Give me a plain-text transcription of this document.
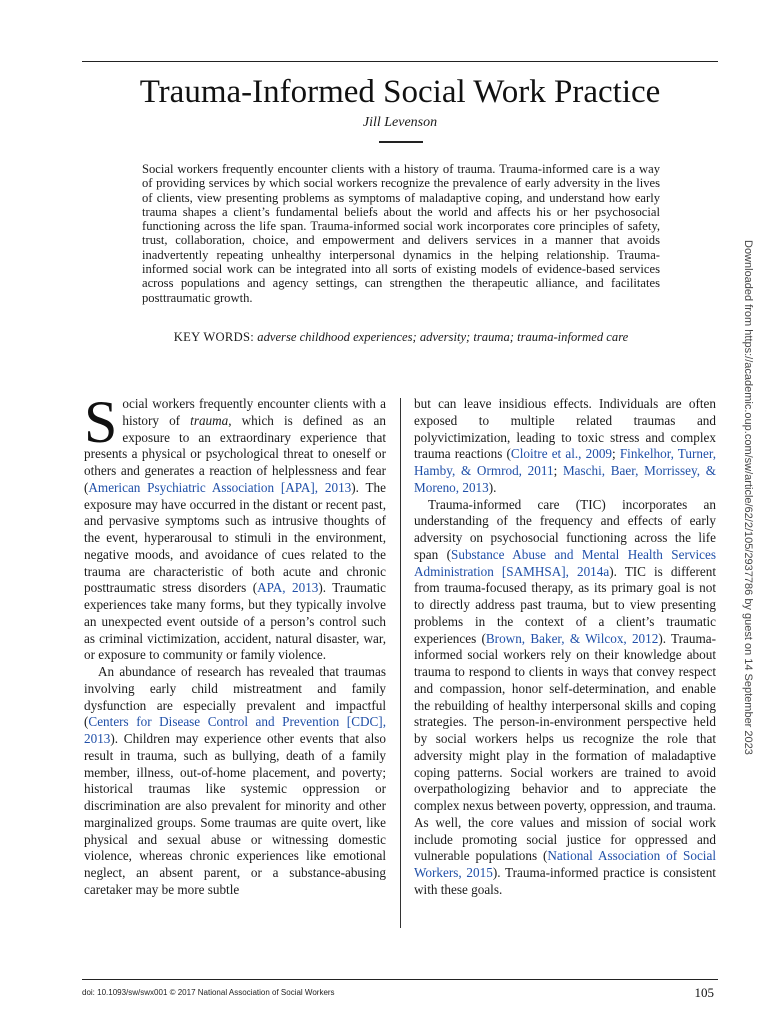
Trauma-Informed Social Work Practice
Jill Levenson

Social workers frequently encounter clients with a history of trauma. Trauma-informed care is a way of providing services by which social workers recognize the prevalence of early adversity in the lives of clients, view presenting problems as symptoms of maladaptive coping, and understand how early trauma shapes a client’s fundamental beliefs about the world and affects his or her psychosocial functioning across the life span. Trauma-informed social work incorporates core principles of safety, trust, collaboration, choice, and empowerment and delivers services in a manner that avoids inadvertently repeating unhealthy interpersonal dynamics in the helping relationship. Trauma-informed social work can be integrated into all sorts of existing models of evidence-based services across populations and agency settings, can strengthen the therapeutic alliance, and facilitates posttraumatic growth.

KEY WORDS: adverse childhood experiences; adversity; trauma; trauma-informed care

Social workers frequently encounter clients with a history of trauma, which is defined as an exposure to an extraordinary experience that presents a physical or psychological threat to oneself or others and generates a reaction of helplessness and fear (American Psychiatric Association [APA], 2013). The exposure may have occurred in the distant or recent past, and pervasive symptoms such as intrusive thoughts of the event, hyperarousal to stimuli in the environment, negative moods, and avoidance of cues related to the trauma are characteristic of both acute and chronic posttraumatic stress disorders (APA, 2013). Traumatic experiences take many forms, but they typically involve an unexpected event outside of a person’s control such as criminal victimization, accident, natural disaster, war, or exposure to community or family violence.

An abundance of research has revealed that traumas involving early child mistreatment and family dysfunction are especially prevalent and impactful (Centers for Disease Control and Prevention [CDC], 2013). Children may experience other events that also result in trauma, such as bullying, death of a family member, illness, out-of-home placement, and poverty; historical traumas like systemic oppression or discrimination are also prevalent for minority and other marginalized groups. Some traumas are quite overt, like physical and sexual abuse or witnessing domestic violence, whereas chronic experiences like emotional neglect, an absent parent, or a substance-abusing caretaker may be more subtle

but can leave insidious effects. Individuals are often exposed to multiple related traumas and polyvictimization, leading to toxic stress and complex trauma reactions (Cloitre et al., 2009; Finkelhor, Turner, Hamby, & Ormrod, 2011; Maschi, Baer, Morrissey, & Moreno, 2013).

Trauma-informed care (TIC) incorporates an understanding of the frequency and effects of early adversity on psychosocial functioning across the life span (Substance Abuse and Mental Health Services Administration [SAMHSA], 2014a). TIC is different from trauma-focused therapy, as its primary goal is not to directly address past trauma, but to view presenting problems in the context of a client’s traumatic experiences (Brown, Baker, & Wilcox, 2012). Trauma-informed social workers rely on their knowledge about trauma to respond to clients in ways that convey respect and compassion, honor self-determination, and enable the rebuilding of healthy interpersonal skills and coping strategies. The person-in-environment perspective held by social workers helps us recognize the role that adversity might play in the formation of maladaptive coping patterns. Social workers are trained to avoid overpathologizing behavior and to appreciate the complex nexus between poverty, oppression, and trauma. As well, the core values and mission of social work include promoting social justice for oppressed and vulnerable populations (National Association of Social Workers, 2015). Trauma-informed practice is consistent with these goals.

Downloaded from https://academic.oup.com/sw/article/62/2/105/2937786 by guest on 14 September 2023
doi: 10.1093/sw/swx001 © 2017 National Association of Social Workers	105
